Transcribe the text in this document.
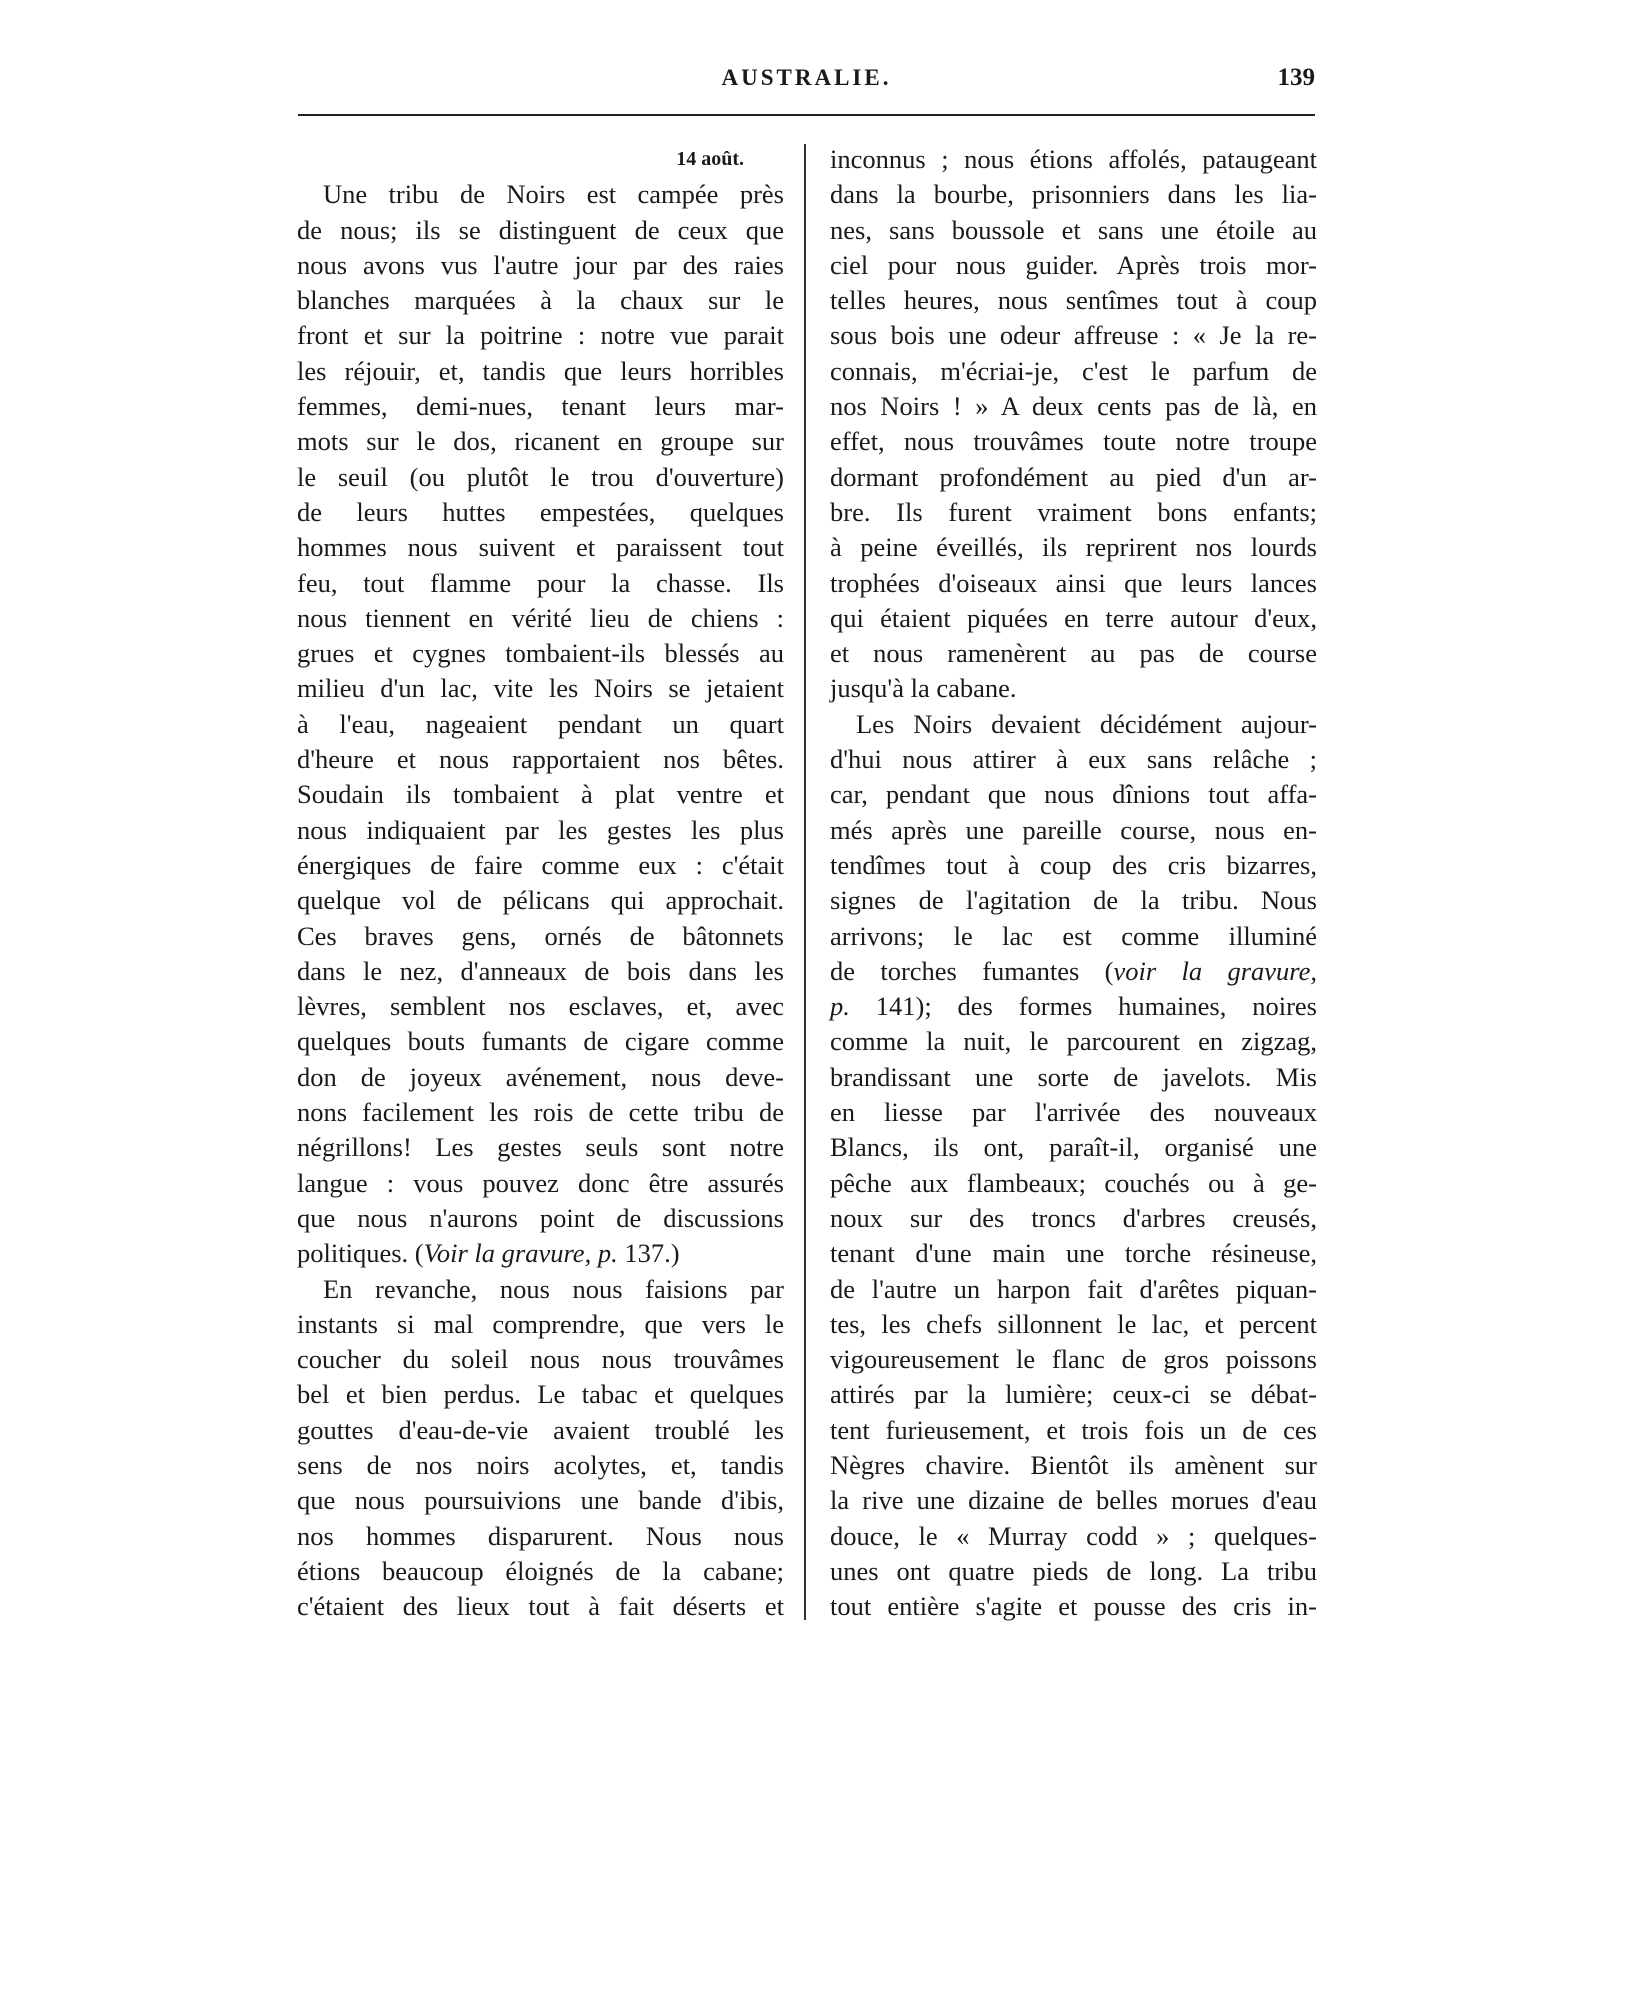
AUSTRALIE.	139
14 août.
Une tribu de Noirs est campée près
de nous; ils se distinguent de ceux que
nous avons vus l'autre jour par des raies
blanches marquées à la chaux sur le
front et sur la poitrine : notre vue parait
les réjouir, et, tandis que leurs horribles
femmes, demi-nues, tenant leurs mar-
mots sur le dos, ricanent en groupe sur
le seuil (ou plutôt le trou d'ouverture)
de leurs huttes empestées, quelques
hommes nous suivent et paraissent tout
feu, tout flamme pour la chasse. Ils
nous tiennent en vérité lieu de chiens :
grues et cygnes tombaient-ils blessés au
milieu d'un lac, vite les Noirs se jetaient
à l'eau, nageaient pendant un quart
d'heure et nous rapportaient nos bêtes.
Soudain ils tombaient à plat ventre et
nous indiquaient par les gestes les plus
énergiques de faire comme eux : c'était
quelque vol de pélicans qui approchait.
Ces braves gens, ornés de bâtonnets
dans le nez, d'anneaux de bois dans les
lèvres, semblent nos esclaves, et, avec
quelques bouts fumants de cigare comme
don de joyeux avénement, nous deve-
nons facilement les rois de cette tribu de
négrillons! Les gestes seuls sont notre
langue : vous pouvez donc être assurés
que nous n'aurons point de discussions
politiques. (Voir la gravure, p. 137.)
En revanche, nous nous faisions par
instants si mal comprendre, que vers le
coucher du soleil nous nous trouvâmes
bel et bien perdus. Le tabac et quelques
gouttes d'eau-de-vie avaient troublé les
sens de nos noirs acolytes, et, tandis
que nous poursuivions une bande d'ibis,
nos hommes disparurent. Nous nous
étions beaucoup éloignés de la cabane;
c'étaient des lieux tout à fait déserts et
inconnus ; nous étions affolés, pataugeant
dans la bourbe, prisonniers dans les lia-
nes, sans boussole et sans une étoile au
ciel pour nous guider. Après trois mor-
telles heures, nous sentîmes tout à coup
sous bois une odeur affreuse : « Je la re-
connais, m'écriai-je, c'est le parfum de
nos Noirs ! » A deux cents pas de là, en
effet, nous trouvâmes toute notre troupe
dormant profondément au pied d'un ar-
bre. Ils furent vraiment bons enfants;
à peine éveillés, ils reprirent nos lourds
trophées d'oiseaux ainsi que leurs lances
qui étaient piquées en terre autour d'eux,
et nous ramenèrent au pas de course
jusqu'à la cabane.
Les Noirs devaient décidément aujour-
d'hui nous attirer à eux sans relâche ;
car, pendant que nous dînions tout affa-
més après une pareille course, nous en-
tendîmes tout à coup des cris bizarres,
signes de l'agitation de la tribu. Nous
arrivons; le lac est comme illuminé
de torches fumantes (voir la gravure,
p. 141); des formes humaines, noires
comme la nuit, le parcourent en zigzag,
brandissant une sorte de javelots. Mis
en liesse par l'arrivée des nouveaux
Blancs, ils ont, paraît-il, organisé une
pêche aux flambeaux; couchés ou à ge-
noux sur des troncs d'arbres creusés,
tenant d'une main une torche résineuse,
de l'autre un harpon fait d'arêtes piquan-
tes, les chefs sillonnent le lac, et percent
vigoureusement le flanc de gros poissons
attirés par la lumière; ceux-ci se débat-
tent furieusement, et trois fois un de ces
Nègres chavire. Bientôt ils amènent sur
la rive une dizaine de belles morues d'eau
douce, le « Murray codd » ; quelques-
unes ont quatre pieds de long. La tribu
tout entière s'agite et pousse des cris in-
